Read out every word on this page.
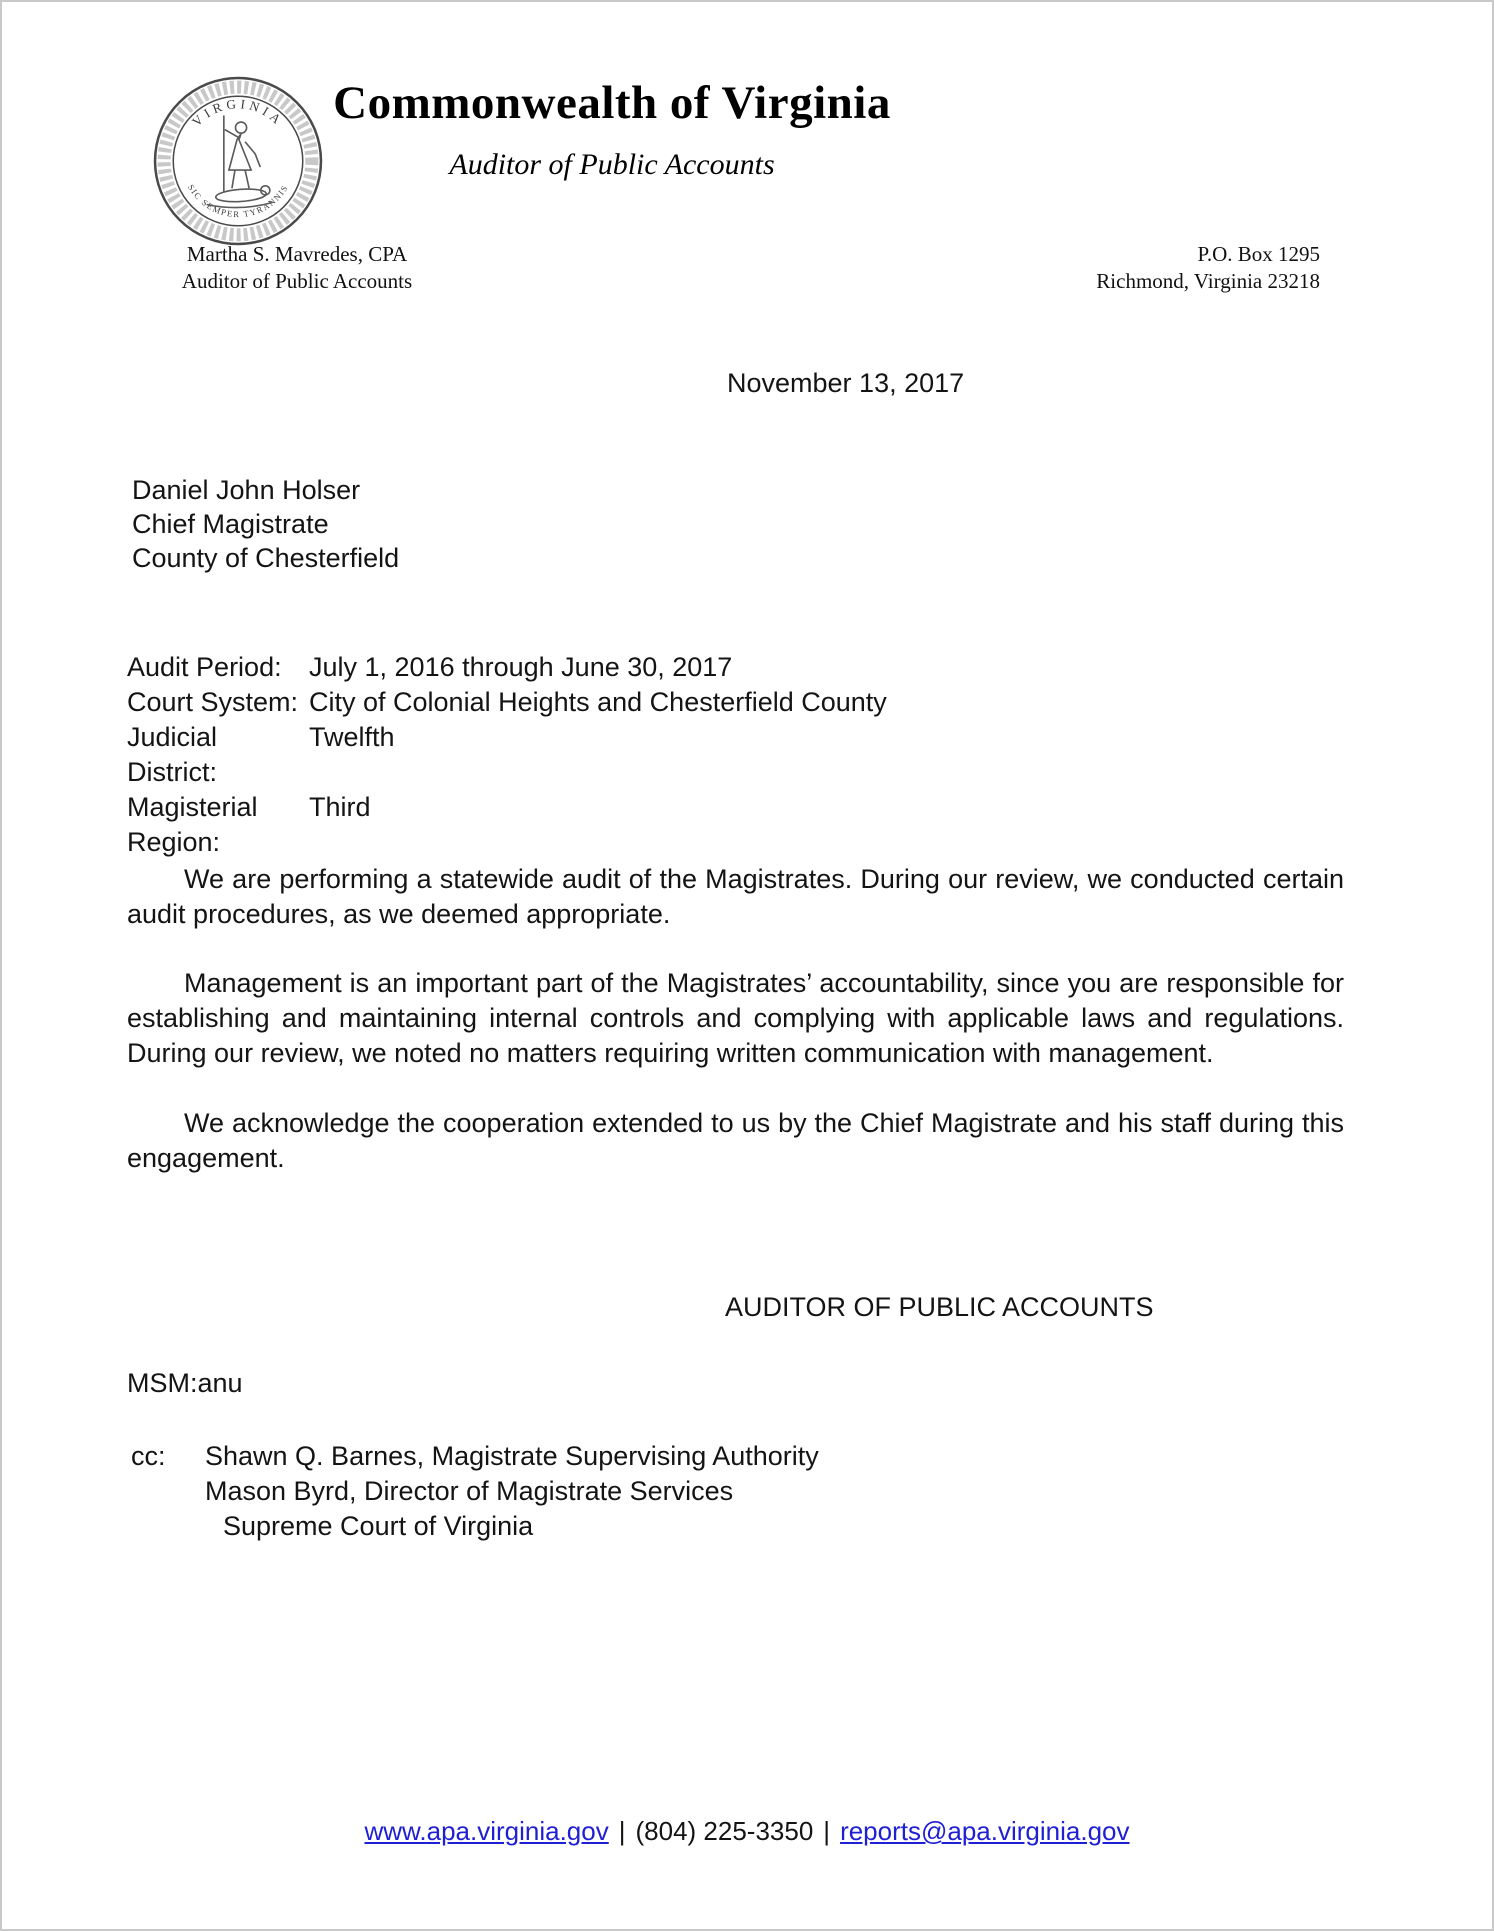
VIRGINIA
SIC SEMPER TYRANNIS
Commonwealth of Virginia
Auditor of Public Accounts
Martha S. Mavredes, CPA
Auditor of Public Accounts
P.O. Box 1295
Richmond, Virginia 23218
November 13, 2017
Daniel John Holser
Chief Magistrate
County of Chesterfield
Audit Period:	July 1, 2016 through June 30, 2017
Court System: City of Colonial Heights and Chesterfield County
Judicial District:
Twelfth
Magisterial Region:
Third

We are performing a statewide audit of the Magistrates. During our review, we conducted certain audit procedures, as we deemed appropriate.

Management is an important part of the Magistrates’ accountability, since you are responsible for establishing and maintaining internal controls and complying with applicable laws and regulations. During our review, we noted no matters requiring written communication with management.

We acknowledge the cooperation extended to us by the Chief Magistrate and his staff during this engagement.

AUDITOR OF PUBLIC ACCOUNTS
MSM:anu
cc:	Shawn Q. Barnes, Magistrate Supervising Authority
Mason Byrd, Director of Magistrate Services
Supreme Court of Virginia
www.apa.virginia.gov | (804) 225-3350 | reports@apa.virginia.gov
